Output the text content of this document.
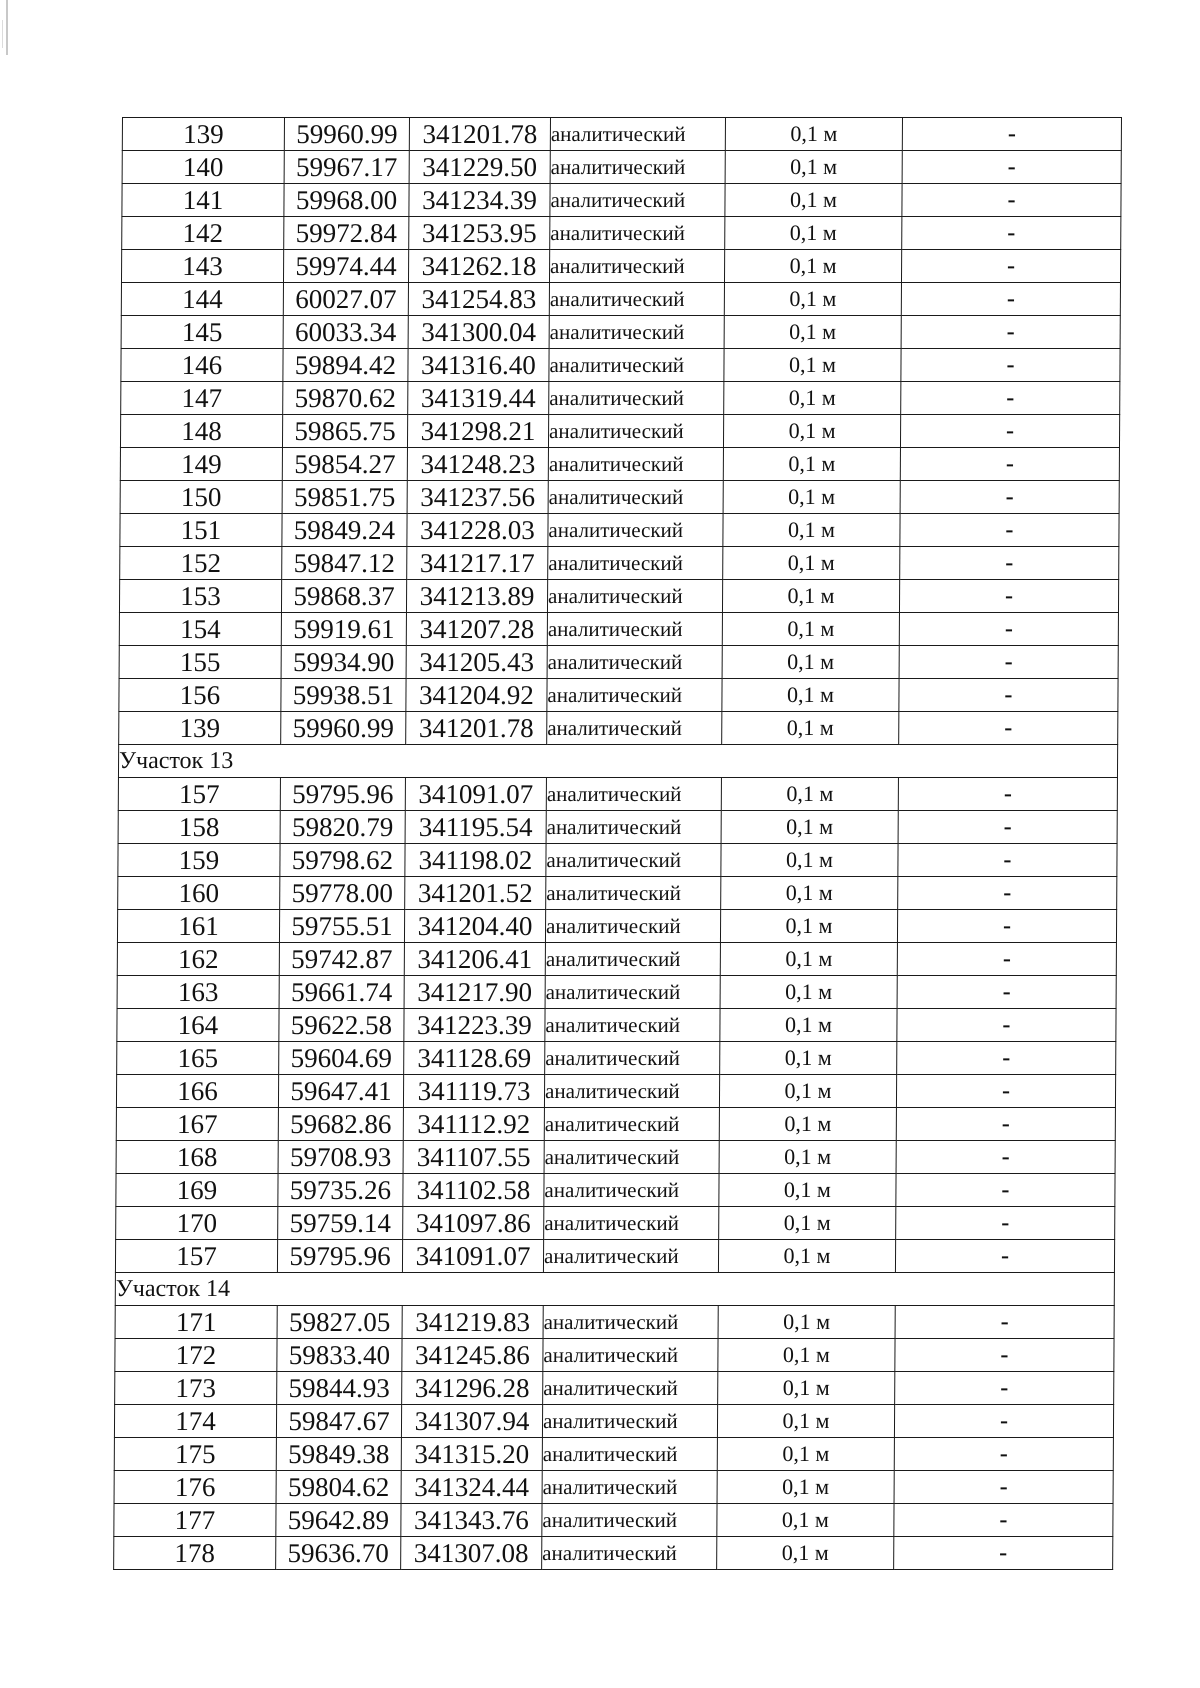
139	59960.99	341201.78	аналитический	0,1 м	-
140	59967.17	341229.50	аналитический	0,1 м	-
141	59968.00	341234.39	аналитический	0,1 м	-
142	59972.84	341253.95	аналитический	0,1 м	-
143	59974.44	341262.18	аналитический	0,1 м	-
144	60027.07	341254.83	аналитический	0,1 м	-
145	60033.34	341300.04	аналитический	0,1 м	-
146	59894.42	341316.40	аналитический	0,1 м	-
147	59870.62	341319.44	аналитический	0,1 м	-
148	59865.75	341298.21	аналитический	0,1 м	-
149	59854.27	341248.23	аналитический	0,1 м	-
150	59851.75	341237.56	аналитический	0,1 м	-
151	59849.24	341228.03	аналитический	0,1 м	-
152	59847.12	341217.17	аналитический	0,1 м	-
153	59868.37	341213.89	аналитический	0,1 м	-
154	59919.61	341207.28	аналитический	0,1 м	-
155	59934.90	341205.43	аналитический	0,1 м	-
156	59938.51	341204.92	аналитический	0,1 м	-
139	59960.99	341201.78	аналитический	0,1 м	-
Участок 13					
157	59795.96	341091.07	аналитический	0,1 м	-
158	59820.79	341195.54	аналитический	0,1 м	-
159	59798.62	341198.02	аналитический	0,1 м	-
160	59778.00	341201.52	аналитический	0,1 м	-
161	59755.51	341204.40	аналитический	0,1 м	-
162	59742.87	341206.41	аналитический	0,1 м	-
163	59661.74	341217.90	аналитический	0,1 м	-
164	59622.58	341223.39	аналитический	0,1 м	-
165	59604.69	341128.69	аналитический	0,1 м	-
166	59647.41	341119.73	аналитический	0,1 м	-
167	59682.86	341112.92	аналитический	0,1 м	-
168	59708.93	341107.55	аналитический	0,1 м	-
169	59735.26	341102.58	аналитический	0,1 м	-
170	59759.14	341097.86	аналитический	0,1 м	-
157	59795.96	341091.07	аналитический	0,1 м	-
Участок 14					
171	59827.05	341219.83	аналитический	0,1 м	-
172	59833.40	341245.86	аналитический	0,1 м	-
173	59844.93	341296.28	аналитический	0,1 м	-
174	59847.67	341307.94	аналитический	0,1 м	-
175	59849.38	341315.20	аналитический	0,1 м	-
176	59804.62	341324.44	аналитический	0,1 м	-
177	59642.89	341343.76	аналитический	0,1 м	-
178	59636.70	341307.08	аналитический	0,1 м	-
